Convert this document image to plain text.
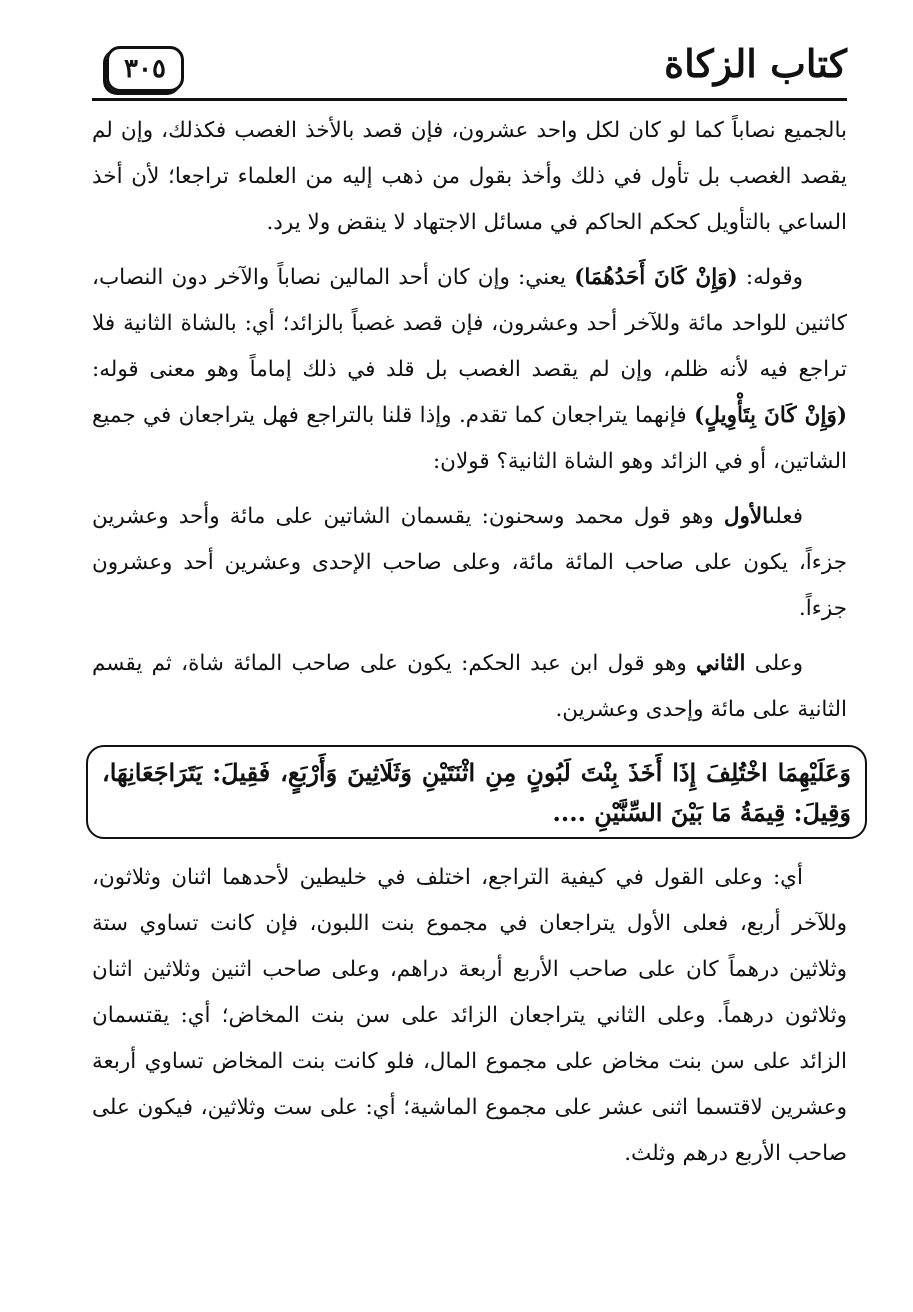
كتاب الزكاة
٣٠٥

بالجميع نصاباً كما لو كان لكل واحد عشرون، فإن قصد بالأخذ الغصب فكذلك، وإن لم يقصد الغصب بل تأول في ذلك وأخذ بقول من ذهب إليه من العلماء تراجعا؛ لأن أخذ الساعي بالتأويل كحكم الحاكم في مسائل الاجتهاد لا ينقض ولا يرد.

وقوله: (وَإِنْ كَانَ أَحَدُهُمَا) يعني: وإن كان أحد المالين نصاباً والآخر دون النصاب، كاثنين للواحد مائة وللآخر أحد وعشرون، فإن قصد غصباً بالزائد؛ أي: بالشاة الثانية فلا تراجع فيه لأنه ظلم، وإن لم يقصد الغصب بل قلد في ذلك إماماً وهو معنى قوله: (وَإِنْ كَانَ بِتَأْوِيلٍ) فإنهما يتراجعان كما تقدم. وإذا قلنا بالتراجع فهل يتراجعان في جميع الشاتين، أو في الزائد وهو الشاة الثانية؟ قولان:

فعلىالأول وهو قول محمد وسحنون: يقسمان الشاتين على مائة وأحد وعشرين جزءاً، يكون على صاحب المائة مائة، وعلى صاحب الإحدى وعشرين أحد وعشرون جزءاً.

وعلى الثاني وهو قول ابن عبد الحكم: يكون على صاحب المائة شاة، ثم يقسم الثانية على مائة وإحدى وعشرين.

وَعَلَيْهِمَا اخْتُلِفَ إِذَا أَخَذَ بِنْتَ لَبُونٍ مِنِ اثْنَتَيْنِ وَثَلَاثِينَ وَأَرْبَعٍ، فَقِيلَ: يَتَرَاجَعَانِهَا، وَقِيلَ: قِيمَةُ مَا بَيْنَ السِّنَّيْنِ ....

أي: وعلى القول في كيفية التراجع، اختلف في خليطين لأحدهما اثنان وثلاثون، وللآخر أربع، فعلى الأول يتراجعان في مجموع بنت اللبون، فإن كانت تساوي ستة وثلاثين درهماً كان على صاحب الأربع أربعة دراهم، وعلى صاحب اثنين وثلاثين اثنان وثلاثون درهماً. وعلى الثاني يتراجعان الزائد على سن بنت المخاض؛ أي: يقتسمان الزائد على سن بنت مخاض على مجموع المال، فلو كانت بنت المخاض تساوي أربعة وعشرين لاقتسما اثنى عشر على مجموع الماشية؛ أي: على ست وثلاثين، فيكون على صاحب الأربع درهم وثلث.
